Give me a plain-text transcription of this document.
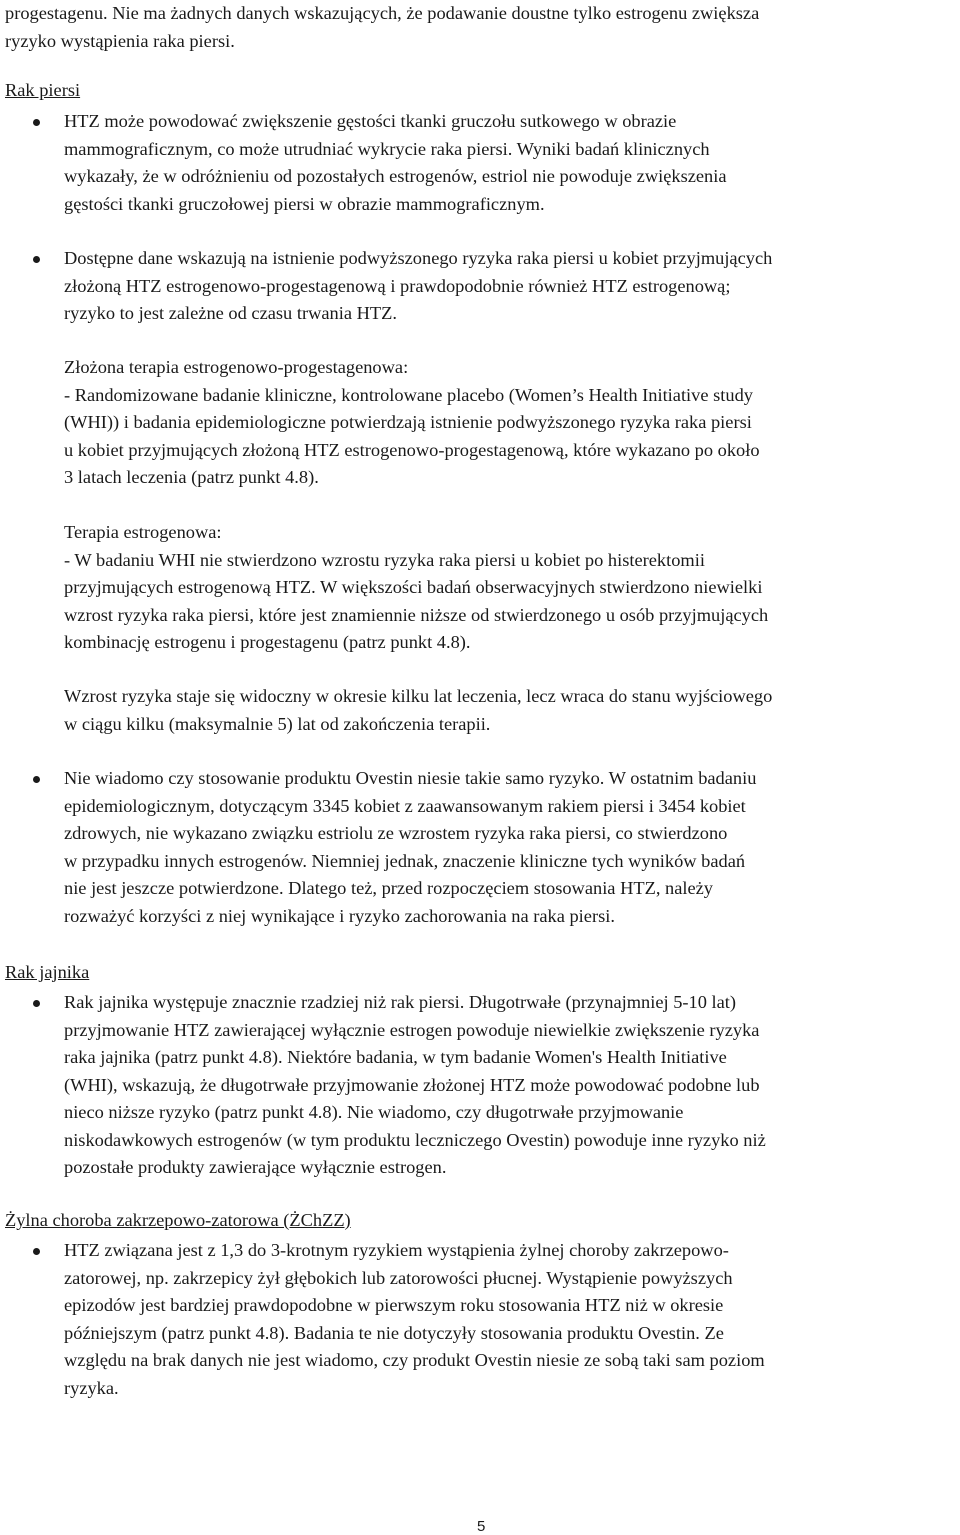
progestagenu. Nie ma żadnych danych wskazujących, że podawanie doustne tylko estrogenu zwiększa
ryzyko wystąpienia raka piersi.

Rak piersi

HTZ może powodować zwiększenie gęstości tkanki gruczołu sutkowego w obrazie
mammograficznym, co może utrudniać wykrycie raka piersi. Wyniki badań klinicznych
wykazały, że w odróżnieniu od pozostałych estrogenów, estriol nie powoduje zwiększenia
gęstości tkanki gruczołowej piersi w obrazie mammograficznym.

Dostępne dane wskazują na istnienie podwyższonego ryzyka raka piersi u kobiet przyjmujących
złożoną HTZ estrogenowo-progestagenową i prawdopodobnie również HTZ estrogenową;
ryzyko to jest zależne od czasu trwania HTZ.

Złożona terapia estrogenowo-progestagenowa:
- Randomizowane badanie kliniczne, kontrolowane placebo (Women’s Health Initiative study
(WHI)) i badania epidemiologiczne potwierdzają istnienie podwyższonego ryzyka raka piersi
u kobiet przyjmujących złożoną HTZ estrogenowo-progestagenową, które wykazano po około
3 latach leczenia (patrz punkt 4.8).

Terapia estrogenowa:
- W badaniu WHI nie stwierdzono wzrostu ryzyka raka piersi u kobiet po histerektomii
przyjmujących estrogenową HTZ. W większości badań obserwacyjnych stwierdzono niewielki
wzrost ryzyka raka piersi, które jest znamiennie niższe od stwierdzonego u osób przyjmujących
kombinację estrogenu i progestagenu (patrz punkt 4.8).

Wzrost ryzyka staje się widoczny w okresie kilku lat leczenia, lecz wraca do stanu wyjściowego
w ciągu kilku (maksymalnie 5) lat od zakończenia terapii.

Nie wiadomo czy stosowanie produktu Ovestin niesie takie samo ryzyko. W ostatnim badaniu
epidemiologicznym, dotyczącym 3345 kobiet z zaawansowanym rakiem piersi i 3454 kobiet
zdrowych, nie wykazano związku estriolu ze wzrostem ryzyka raka piersi, co stwierdzono
w przypadku innych estrogenów. Niemniej jednak, znaczenie kliniczne tych wyników badań
nie jest jeszcze potwierdzone. Dlatego też, przed rozpoczęciem stosowania HTZ, należy
rozważyć korzyści z niej wynikające i ryzyko zachorowania na raka piersi.

Rak jajnika

Rak jajnika występuje znacznie rzadziej niż rak piersi. Długotrwałe (przynajmniej 5-10 lat)
przyjmowanie HTZ zawierającej wyłącznie estrogen powoduje niewielkie zwiększenie ryzyka
raka jajnika (patrz punkt 4.8). Niektóre badania, w tym badanie Women's Health Initiative
(WHI), wskazują, że długotrwałe przyjmowanie złożonej HTZ może powodować podobne lub
nieco niższe ryzyko (patrz punkt 4.8). Nie wiadomo, czy długotrwałe przyjmowanie
niskodawkowych estrogenów (w tym produktu leczniczego Ovestin) powoduje inne ryzyko niż
pozostałe produkty zawierające wyłącznie estrogen.

Żylna choroba zakrzepowo-zatorowa (ŻChZZ)

HTZ związana jest z 1,3 do 3-krotnym ryzykiem wystąpienia żylnej choroby zakrzepowo-
zatorowej, np. zakrzepicy żył głębokich lub zatorowości płucnej. Wystąpienie powyższych
epizodów jest bardziej prawdopodobne w pierwszym roku stosowania HTZ niż w okresie
późniejszym (patrz punkt 4.8). Badania te nie dotyczyły stosowania produktu Ovestin. Ze
względu na brak danych nie jest wiadomo, czy produkt Ovestin niesie ze sobą taki sam poziom
ryzyka.

5
